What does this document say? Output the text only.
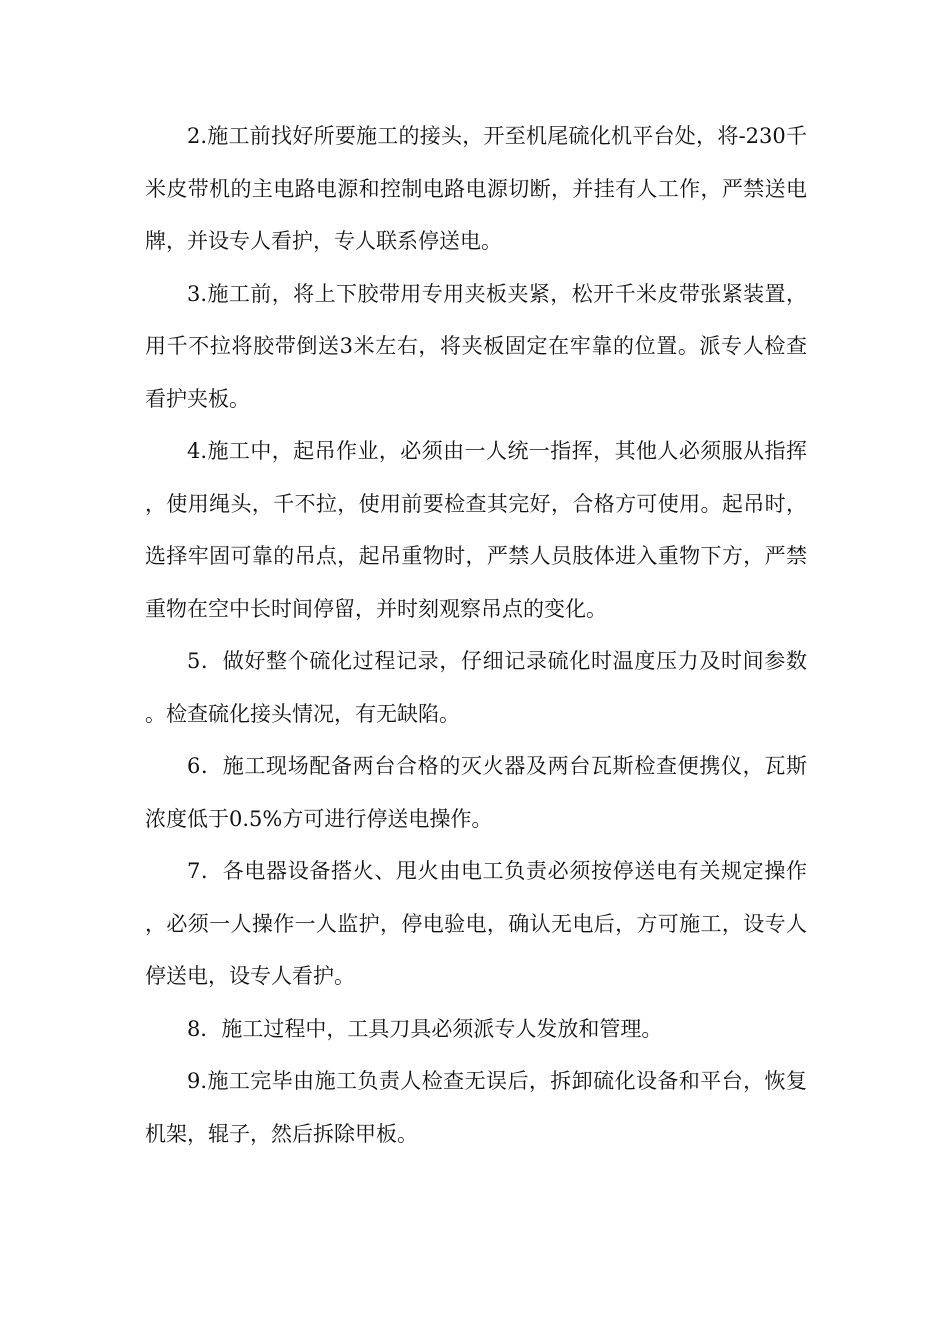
2.施工前找好所要施工的接头，开至机尾硫化机平台处，将-230千米皮带机的主电路电源和控制电路电源切断，并挂有人工作，严禁送电牌，并设专人看护，专人联系停送电。

3.施工前，将上下胶带用专用夹板夹紧，松开千米皮带张紧装置，用千不拉将胶带倒送3米左右，将夹板固定在牢靠的位置。派专人检查看护夹板。

4.施工中，起吊作业，必须由一人统一指挥，其他人必须服从指挥，使用绳头，千不拉，使用前要检查其完好，合格方可使用。起吊时，选择牢固可靠的吊点，起吊重物时，严禁人员肢体进入重物下方，严禁重物在空中长时间停留，并时刻观察吊点的变化。

5．做好整个硫化过程记录，仔细记录硫化时温度压力及时间参数。检查硫化接头情况，有无缺陷。

6．施工现场配备两台合格的灭火器及两台瓦斯检查便携仪，瓦斯浓度低于0.5%方可进行停送电操作。

7．各电器设备搭火、甩火由电工负责必须按停送电有关规定操作，必须一人操作一人监护，停电验电，确认无电后，方可施工，设专人停送电，设专人看护。

8．施工过程中，工具刀具必须派专人发放和管理。

9.施工完毕由施工负责人检查无误后，拆卸硫化设备和平台，恢复机架，辊子，然后拆除甲板。
